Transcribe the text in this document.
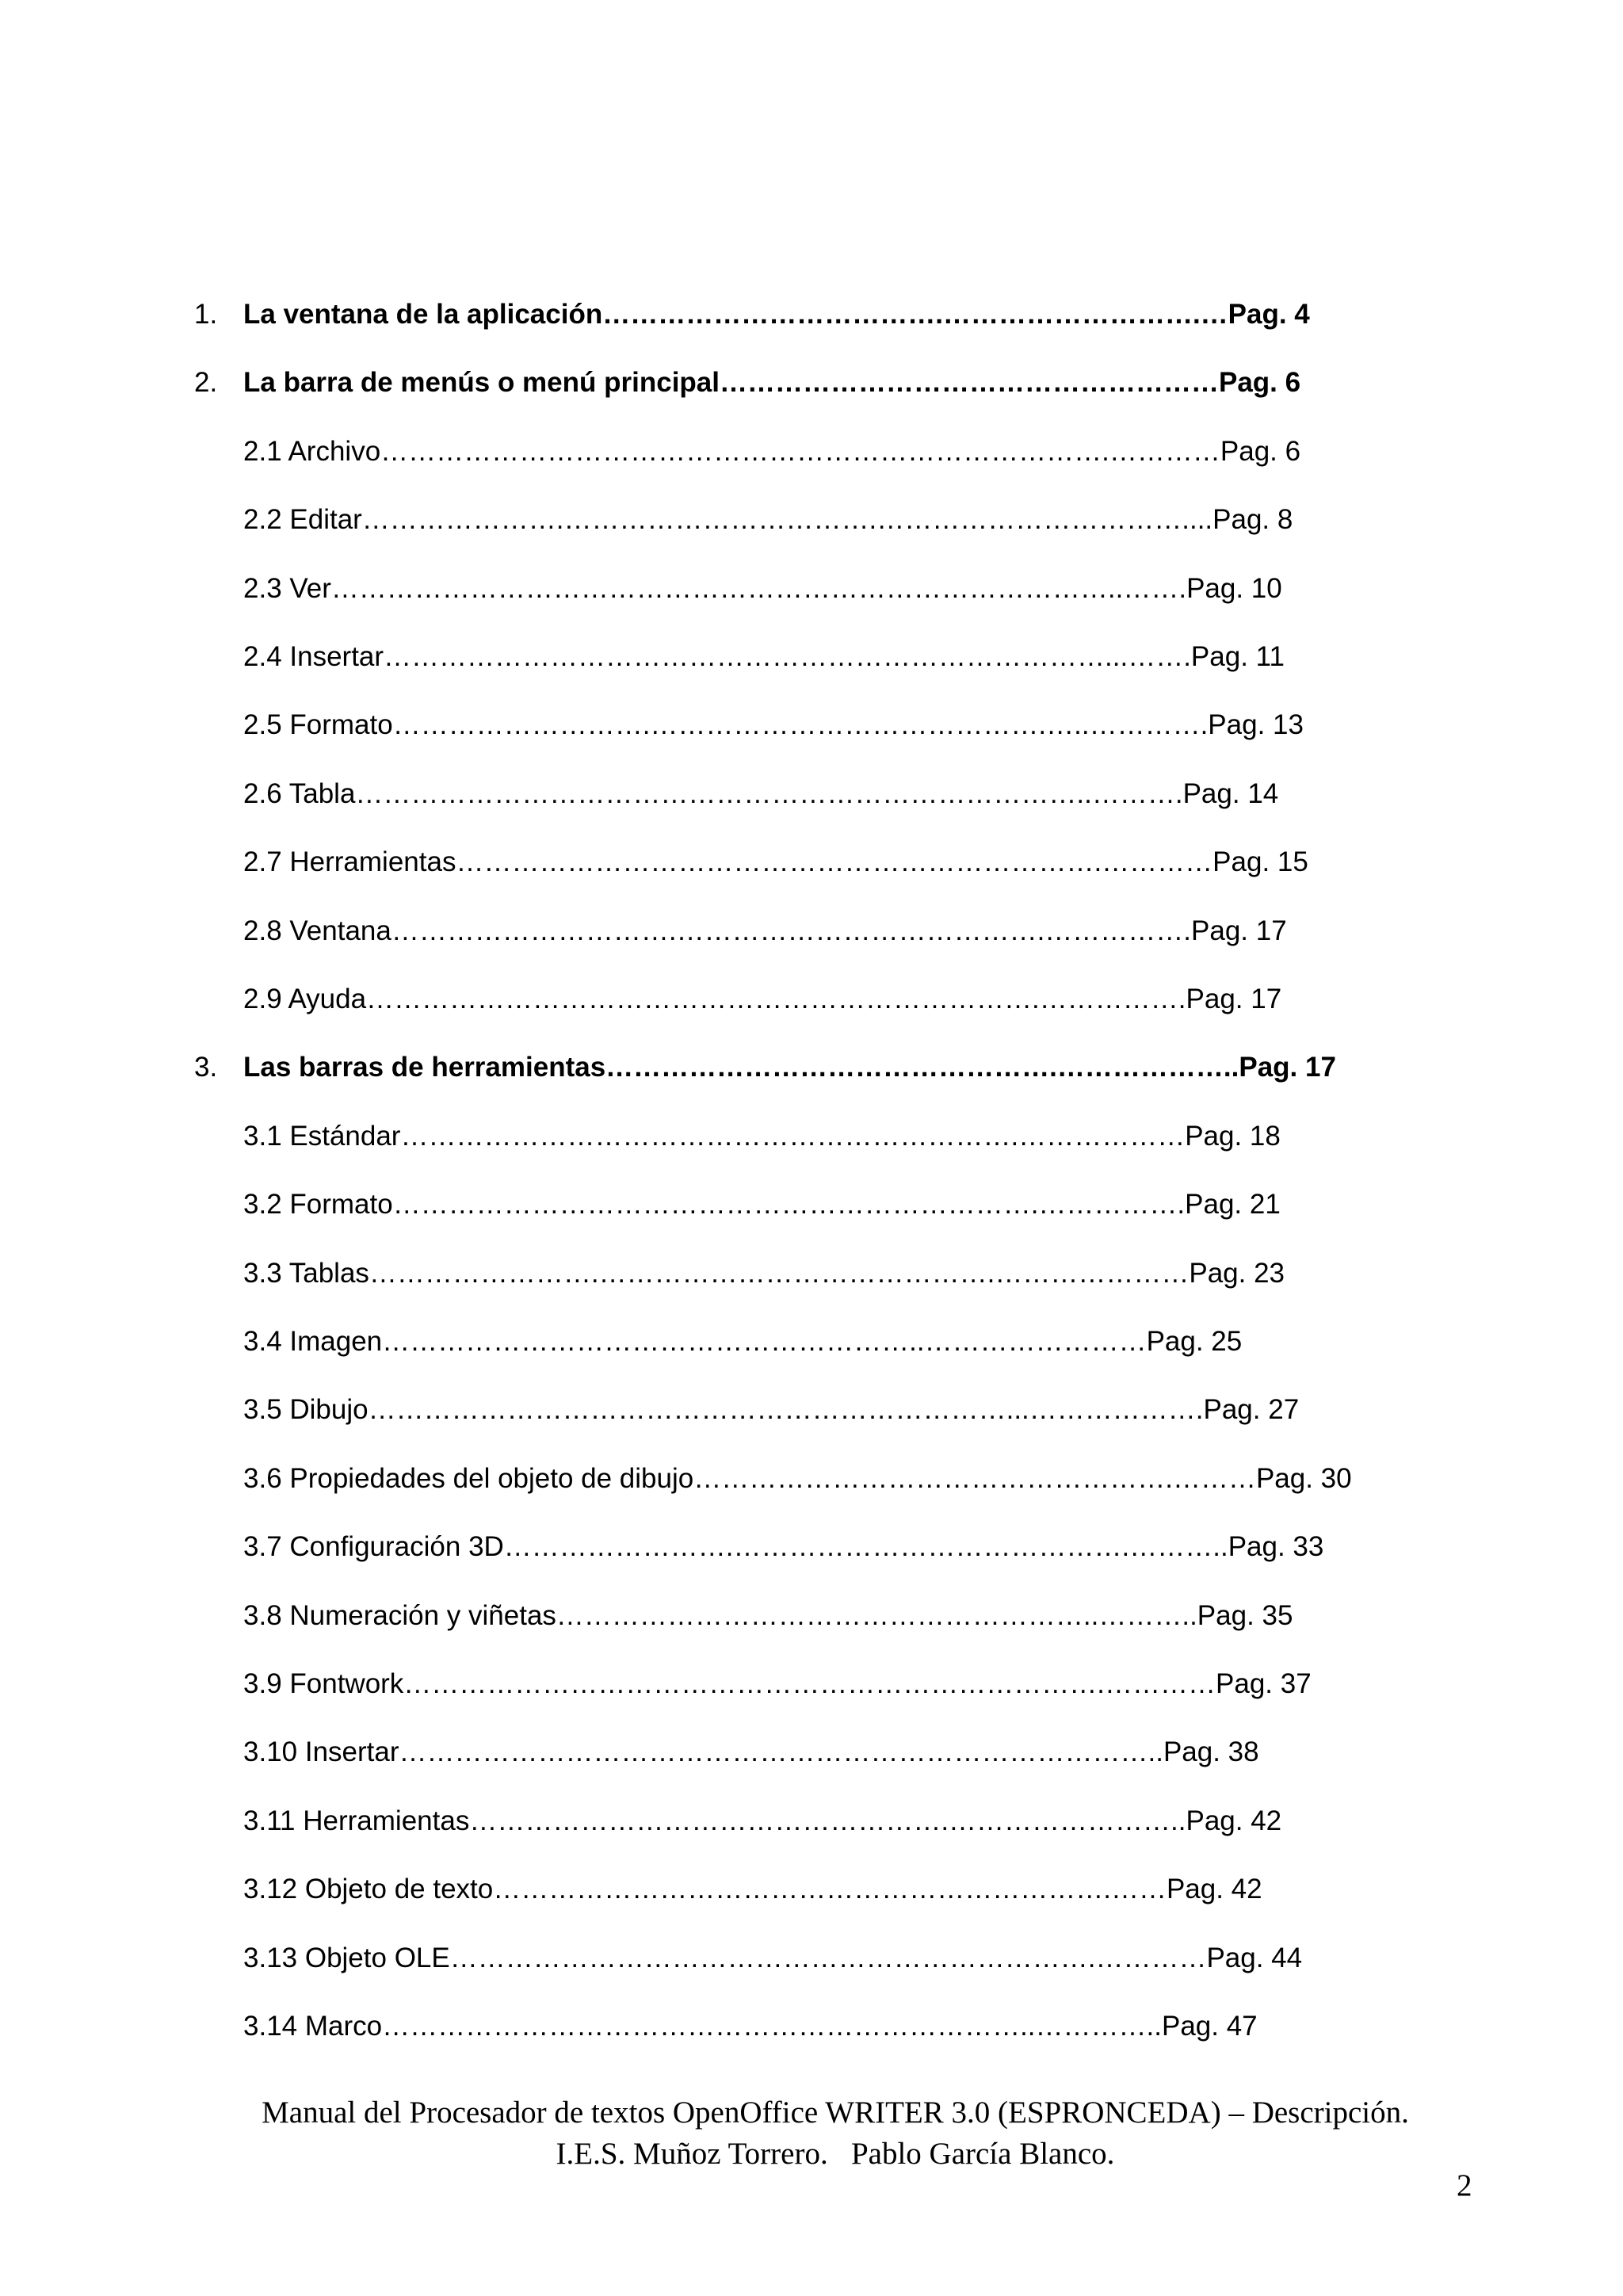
1. La ventana de la aplicación……………………………….……………………….…Pag. 4
2. La barra de menús o menú principal………………………………………………Pag. 6
2.1 Archivo…………………………………………………………………….…………Pag. 6
2.2 Editar………………….…………………………….……………………………....Pag. 8
2.3 Ver…………………………………………………………………………..…….Pag. 10
2.4 Insertar……………………………………………………………………...…….Pag. 11
2.5 Formato……………………….…………………………………….…..………….Pag. 13
2.6 Tabla……………………………………………………………………..……….Pag. 14
2.7 Herramientas…………………………………………………………….…………Pag. 15
2.8 Ventana………………………….………………………………….…………….Pag. 17
2.9 Ayuda……………………………………………………………….…………….Pag. 17
3. Las barras de herramientas………………………………………….………………..Pag. 17
3.1 Estándar………………………………………………………….………………Pag. 18
3.2 Formato…………………………………………………………….…………….Pag. 21
3.3 Tablas…………………….…………………………………….…………………Pag. 23
3.4 Imagen…………………………………………………..……………………Pag. 25
3.5 Dibujo……………………………………………………………...……………….Pag. 27
3.6 Propiedades del objeto de dibujo…………………………………………….………Pag. 30
3.7 Configuración 3D…………………….…………………………………….………..Pag. 33
3.8 Numeración y viñetas…………………………………………………..………..Pag. 35
3.9 Fontwork………………………………………………………………….…………Pag. 37
3.10 Insertar………………………………………………………………………..Pag. 38
3.11 Herramientas…………………………………………….……………………..Pag. 42
3.12 Objeto de texto………………………………………………………….……Pag. 42
3.13 Objeto OLE…………………………………………………………….…………Pag. 44
3.14 Marco……………………………………………………………..…………..Pag. 47
Manual del Procesador de textos OpenOffice WRITER 3.0 (ESPRONCEDA) – Descripción.
I.E.S. Muñoz Torrero.   Pablo García Blanco.
2
